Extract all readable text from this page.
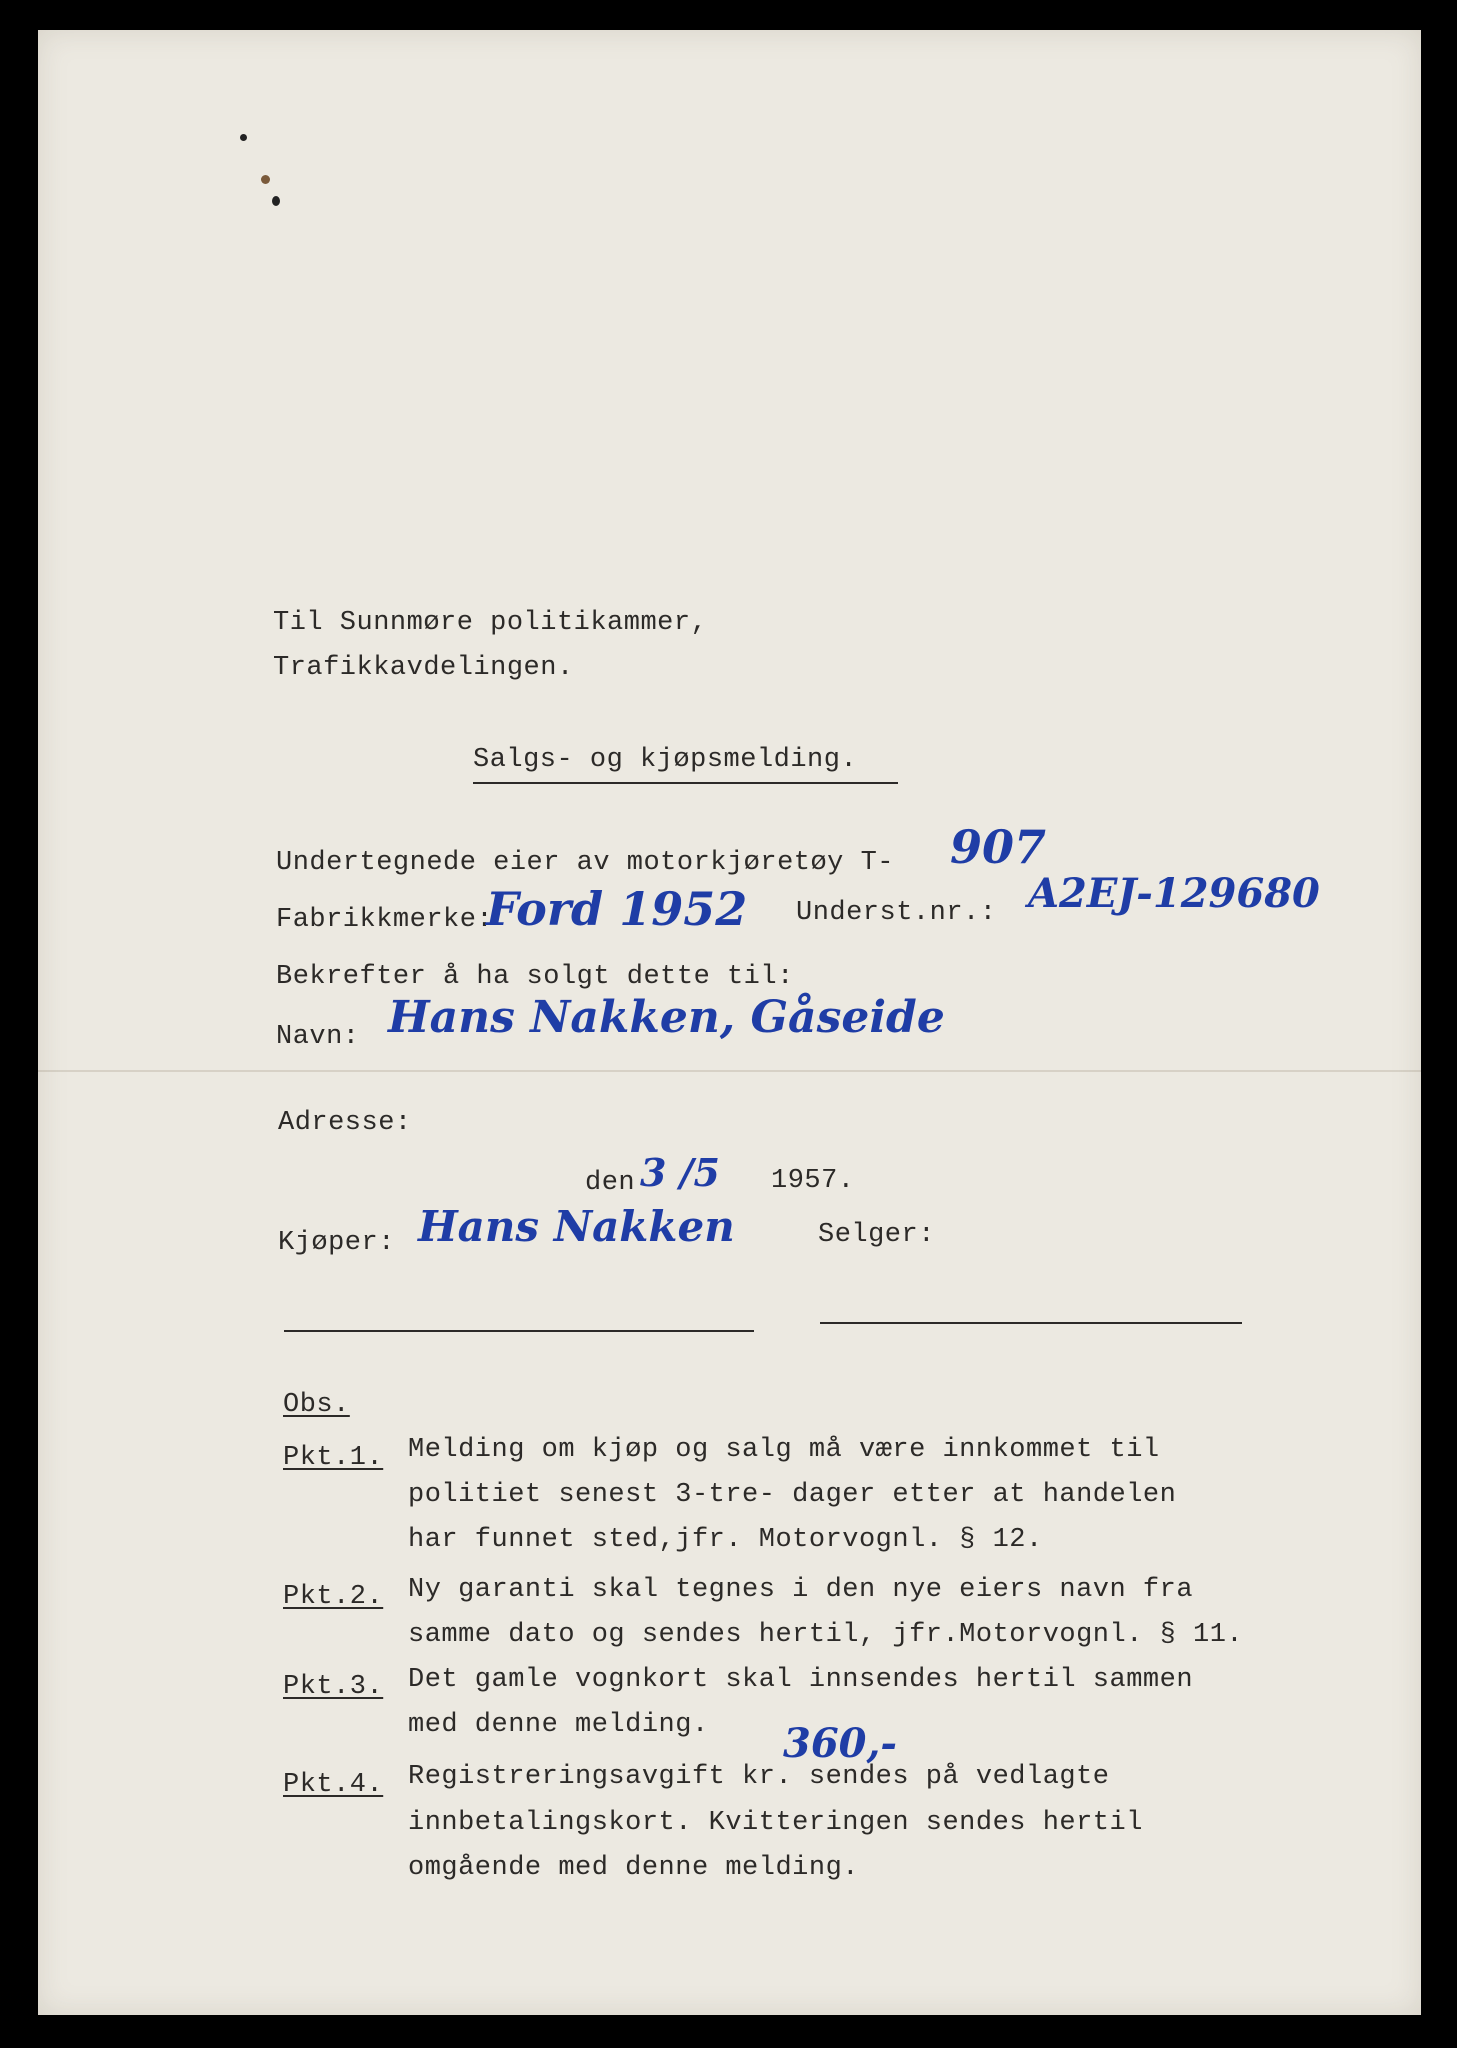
Til Sunnmøre politikammer,
Trafikkavdelingen.
Salgs- og kjøpsmelding.
Undertegnede eier av motorkjøretøy T- 907
Fabrikkmerke:
Ford 1952 Underst.nr.: A2EJ-129680
Bekrefter å ha solgt dette til:
Navn: Hans Nakken, Gåseide
Adresse:
den 3 /5 1957.
Kjøper: Hans Nakken	Selger:
Obs.
Pkt.1. Melding om kjøp og salg må være innkommet til
politiet senest 3-tre- dager etter at handelen
har funnet sted,jfr. Motorvognl. § 12.
Pkt.2. Ny garanti skal tegnes i den nye eiers navn fra
samme dato og sendes hertil, jfr.Motorvognl. § 11.
Pkt.3. Det gamle vognkort skal innsendes hertil sammen
med denne melding.
Pkt.4. Registreringsavgift kr. sendes på vedlagte
360,-
innbetalingskort. Kvitteringen sendes hertil
omgående med denne melding.
